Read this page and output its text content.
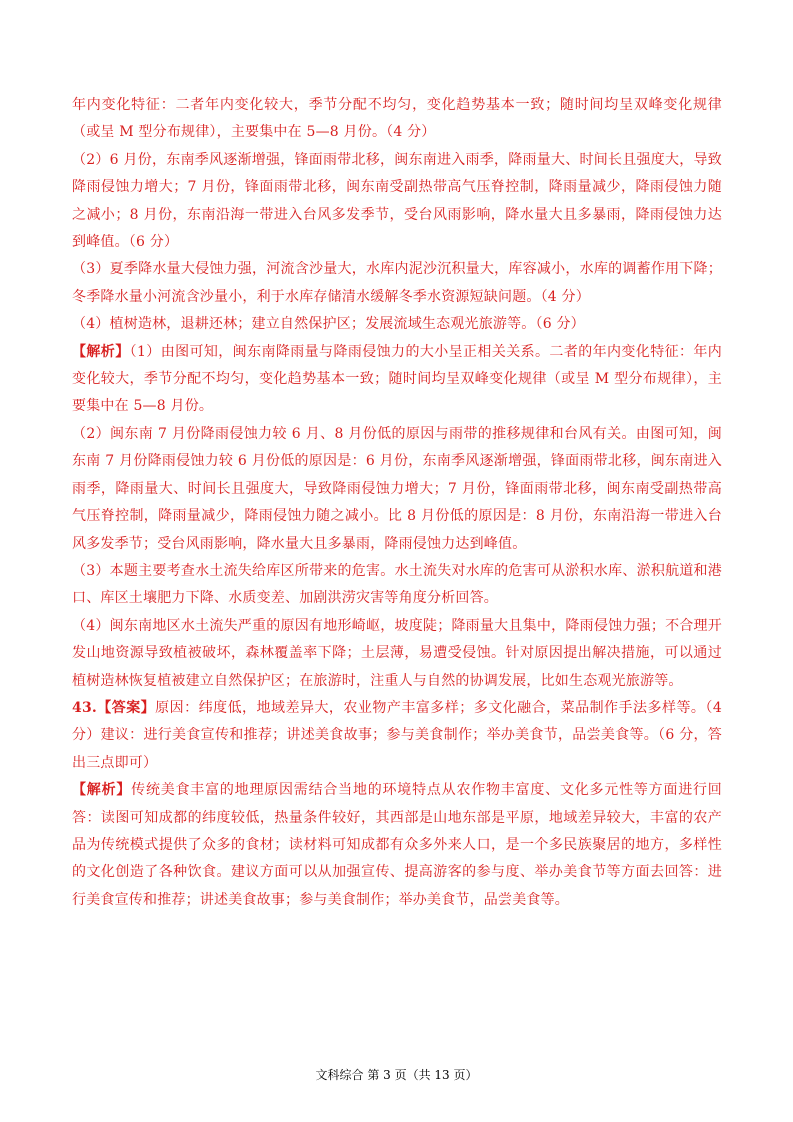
年内变化特征：二者年内变化较大，季节分配不均匀，变化趋势基本一致；随时间均呈双峰变化规律（或呈 M 型分布规律），主要集中在 5—8 月份。（4 分）

（2）6 月份，东南季风逐渐增强，锋面雨带北移，闽东南进入雨季，降雨量大、时间长且强度大，导致降雨侵蚀力增大；7 月份，锋面雨带北移，闽东南受副热带高气压脊控制，降雨量减少，降雨侵蚀力随之减小；8 月份，东南沿海一带进入台风多发季节，受台风雨影响，降水量大且多暴雨，降雨侵蚀力达到峰值。（6 分）

（3）夏季降水量大侵蚀力强，河流含沙量大，水库内泥沙沉积量大，库容减小，水库的调蓄作用下降；冬季降水量小河流含沙量小，利于水库存储清水缓解冬季水资源短缺问题。（4 分）

（4）植树造林，退耕还林；建立自然保护区；发展流域生态观光旅游等。（6 分）

【解析】（1）由图可知，闽东南降雨量与降雨侵蚀力的大小呈正相关关系。二者的年内变化特征：年内变化较大，季节分配不均匀，变化趋势基本一致；随时间均呈双峰变化规律（或呈 M 型分布规律），主要集中在 5—8 月份。

（2）闽东南 7 月份降雨侵蚀力较 6 月、8 月份低的原因与雨带的推移规律和台风有关。由图可知，闽东南 7 月份降雨侵蚀力较 6 月份低的原因是：6 月份，东南季风逐渐增强，锋面雨带北移，闽东南进入雨季，降雨量大、时间长且强度大，导致降雨侵蚀力增大；7 月份，锋面雨带北移，闽东南受副热带高气压脊控制，降雨量减少，降雨侵蚀力随之减小。比 8 月份低的原因是：8 月份，东南沿海一带进入台风多发季节；受台风雨影响，降水量大且多暴雨，降雨侵蚀力达到峰值。

（3）本题主要考查水土流失给库区所带来的危害。水土流失对水库的危害可从淤积水库、淤积航道和港口、库区土壤肥力下降、水质变差、加剧洪涝灾害等角度分析回答。

（4）闽东南地区水土流失严重的原因有地形崎岖，坡度陡；降雨量大且集中，降雨侵蚀力强；不合理开发山地资源导致植被破坏，森林覆盖率下降；土层薄，易遭受侵蚀。针对原因提出解决措施，可以通过植树造林恢复植被建立自然保护区；在旅游时，注重人与自然的协调发展，比如生态观光旅游等。

43.【答案】原因：纬度低，地域差异大，农业物产丰富多样；多文化融合，菜品制作手法多样等。（4 分）建议：进行美食宣传和推荐；讲述美食故事；参与美食制作；举办美食节，品尝美食等。（6 分，答出三点即可）

【解析】传统美食丰富的地理原因需结合当地的环境特点从农作物丰富度、文化多元性等方面进行回答：读图可知成都的纬度较低，热量条件较好，其西部是山地东部是平原，地域差异较大，丰富的农产品为传统模式提供了众多的食材；读材料可知成都有众多外来人口，是一个多民族聚居的地方，多样性的文化创造了各种饮食。建议方面可以从加强宣传、提高游客的参与度、举办美食节等方面去回答：进行美食宣传和推荐；讲述美食故事；参与美食制作；举办美食节，品尝美食等。

文科综合 第 3 页（共 13 页）
